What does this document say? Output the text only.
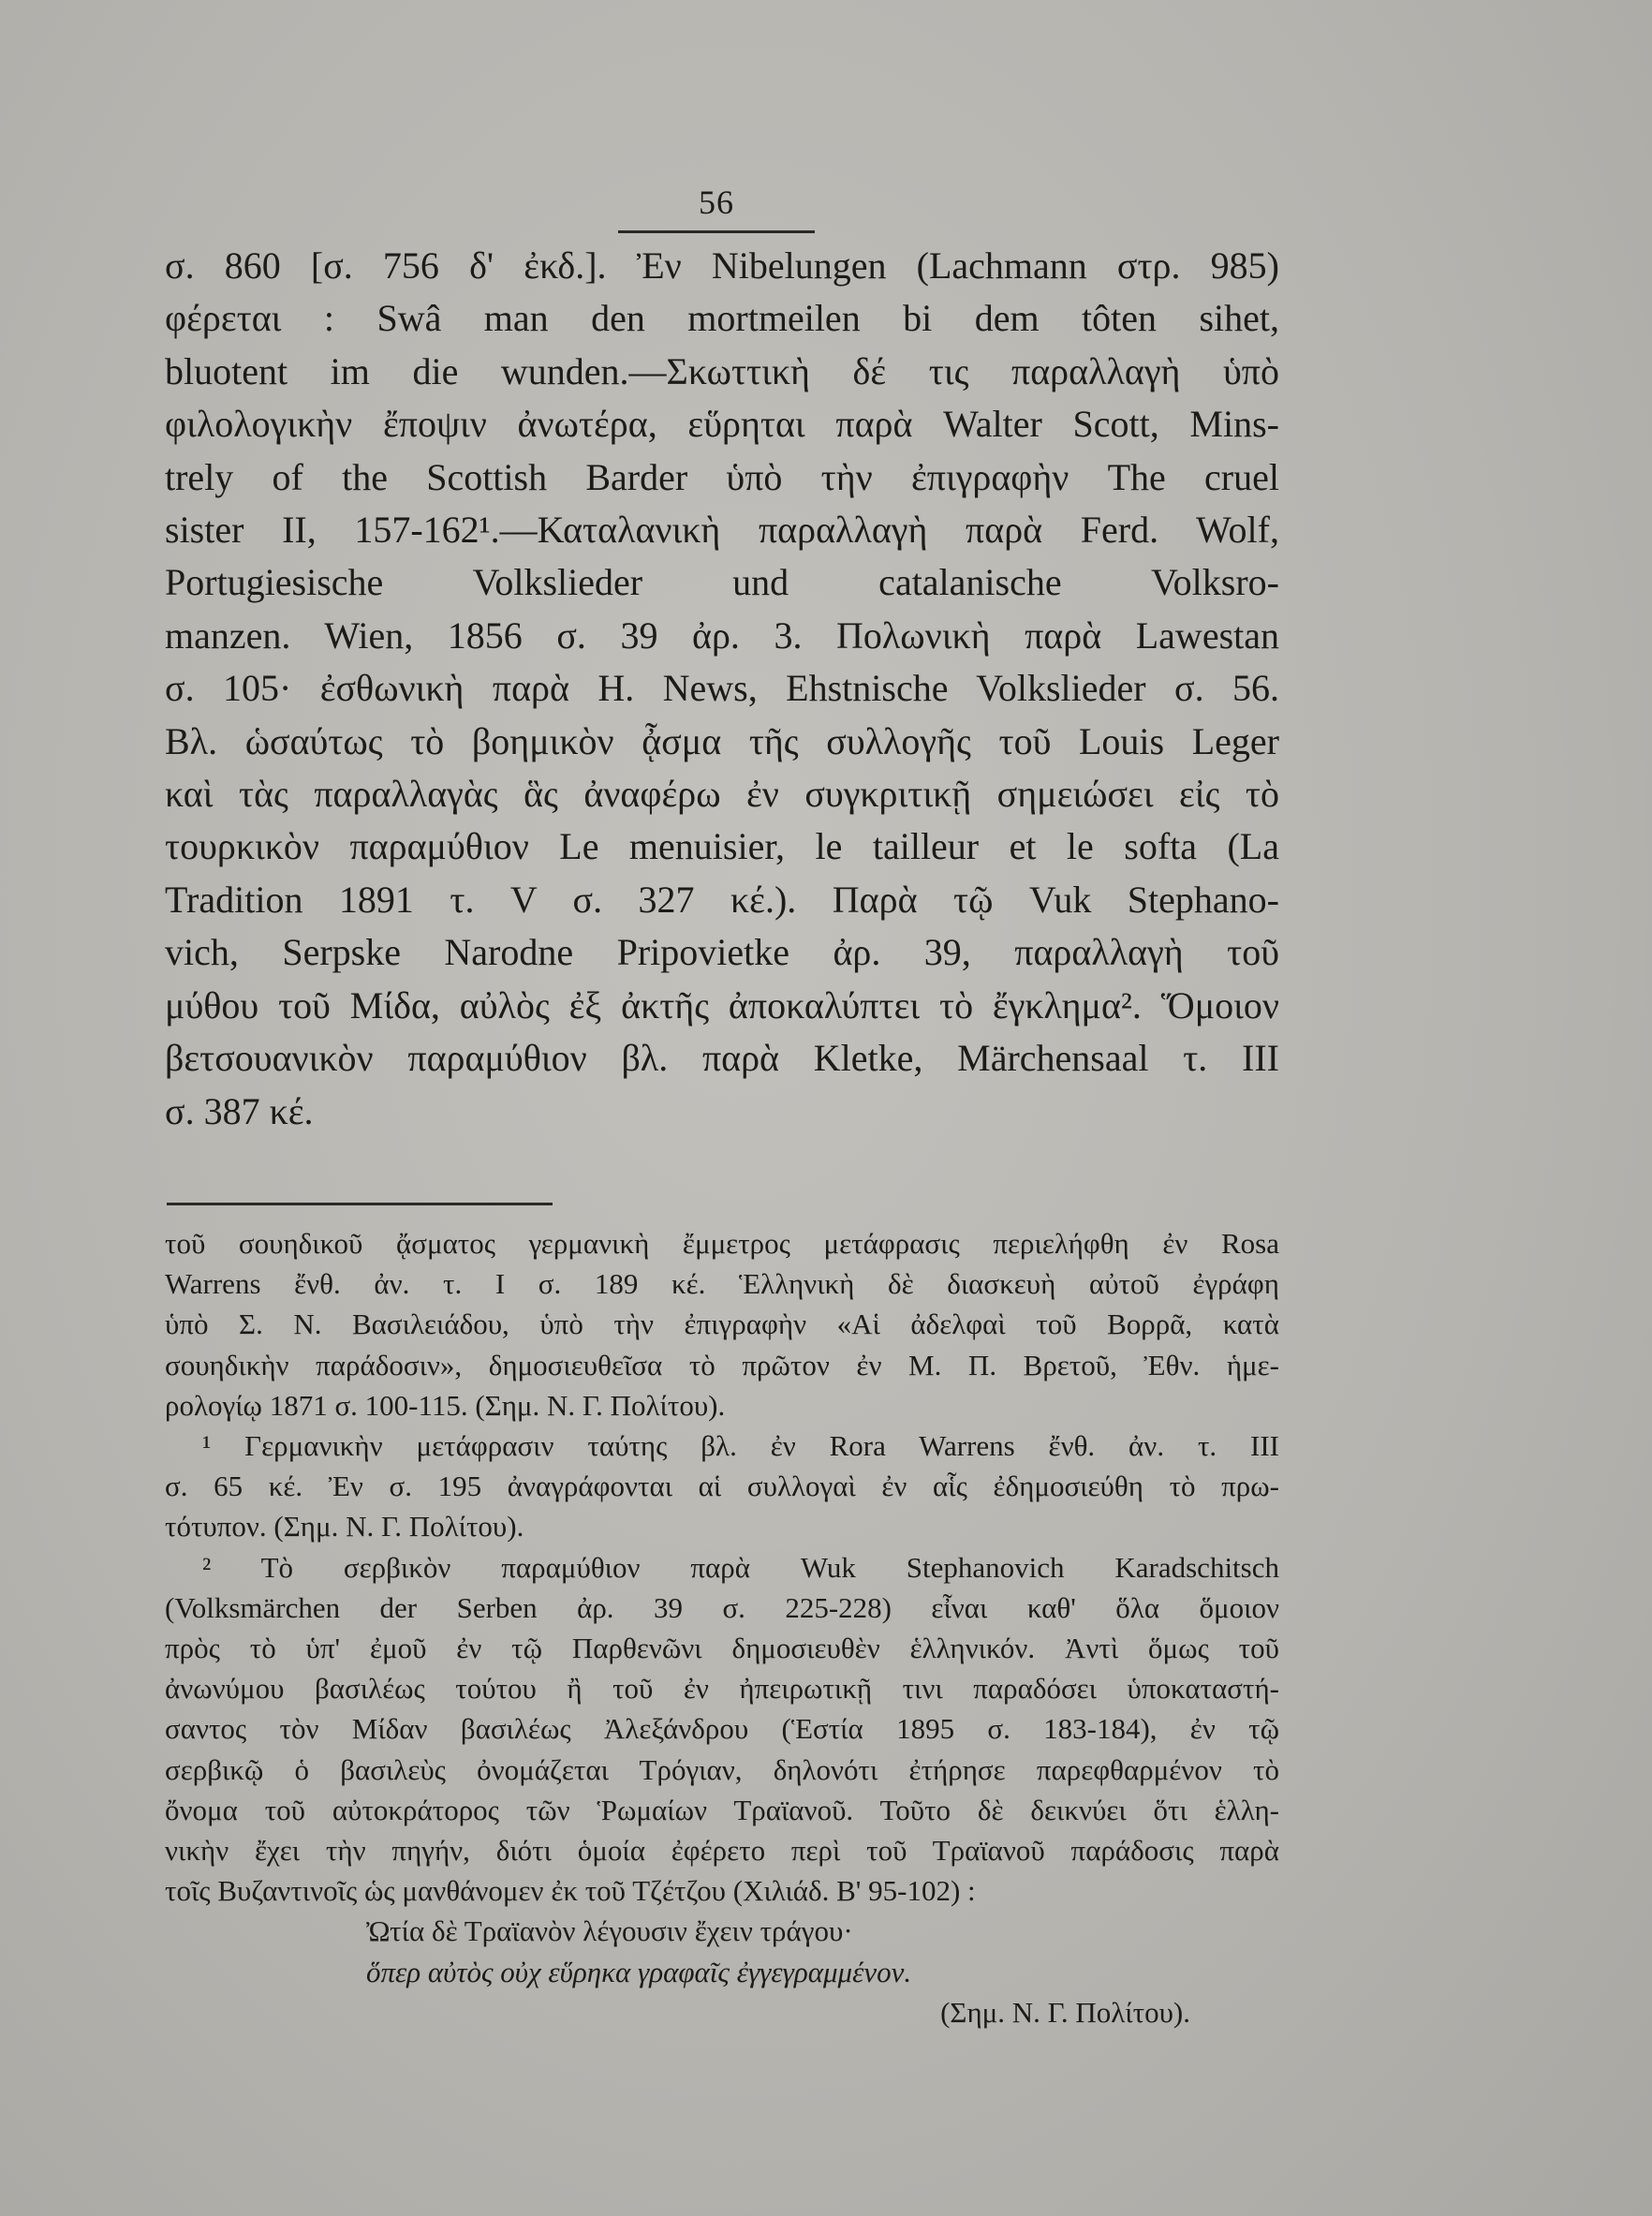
56
σ. 860 [σ. 756 δ' ἐκδ.]. Ἐν Nibelungen (Lachmann στρ. 985)
φέρεται : Swâ man den mortmeilen bi dem tôten sihet,
bluotent im die wunden.—Σκωττικὴ δέ τις παραλλαγὴ ὑπὸ
φιλολογικὴν ἔποψιν ἀνωτέρα, εὕρηται παρὰ Walter Scott, Mins-
trely of the Scottish Barder ὑπὸ τὴν ἐπιγραφὴν The cruel
sister II, 157-162¹.—Καταλανικὴ παραλλαγὴ παρὰ Ferd. Wolf,
Portugiesische Volkslieder und catalanische Volksro-
manzen. Wien, 1856 σ. 39 ἀρ. 3. Πολωνικὴ παρὰ Lawestan
σ. 105· ἐσθωνικὴ παρὰ H. News, Ehstnische Volkslieder σ. 56.
Βλ. ὡσαύτως τὸ βοημικὸν ᾆσμα τῆς συλλογῆς τοῦ Louis Leger
καὶ τὰς παραλλαγὰς ἃς ἀναφέρω ἐν συγκριτικῇ σημειώσει εἰς τὸ
τουρκικὸν παραμύθιον Le menuisier, le tailleur et le softa (La
Tradition 1891 τ. V σ. 327 κέ.). Παρὰ τῷ Vuk Stephano-
vich, Serpske Narodne Pripovietke ἀρ. 39, παραλλαγὴ τοῦ
μύθου τοῦ Μίδα, αὐλὸς ἐξ ἀκτῆς ἀποκαλύπτει τὸ ἔγκλημα². Ὅμοιον
βετσουανικὸν παραμύθιον βλ. παρὰ Kletke, Märchensaal τ. III
σ. 387 κέ.
τοῦ σουηδικοῦ ᾄσματος γερμανικὴ ἔμμετρος μετάφρασις περιελήφθη ἐν Rosa
Warrens ἔνθ. ἀν. τ. I σ. 189 κέ. Ἑλληνικὴ δὲ διασκευὴ αὐτοῦ ἐγράφη
ὑπὸ Σ. Ν. Βασιλειάδου, ὑπὸ τὴν ἐπιγραφὴν «Αἱ ἀδελφαὶ τοῦ Βορρᾶ, κατὰ
σουηδικὴν παράδοσιν», δημοσιευθεῖσα τὸ πρῶτον ἐν Μ. Π. Βρετοῦ, Ἐθν. ἡμε-
ρολογίῳ 1871 σ. 100-115. (Σημ. Ν. Γ. Πολίτου).
¹ Γερμανικὴν μετάφρασιν ταύτης βλ. ἐν Rora Warrens ἔνθ. ἀν. τ. III
σ. 65 κέ. Ἐν σ. 195 ἀναγράφονται αἱ συλλογαὶ ἐν αἷς ἐδημοσιεύθη τὸ πρω-
τότυπον. (Σημ. Ν. Γ. Πολίτου).
² Τὸ σερβικὸν παραμύθιον παρὰ Wuk Stephanovich Karadschitsch
(Volksmärchen der Serben ἀρ. 39 σ. 225-228) εἶναι καθ' ὅλα ὅμοιον
πρὸς τὸ ὑπ' ἐμοῦ ἐν τῷ Παρθενῶνι δημοσιευθὲν ἑλληνικόν. Ἀντὶ ὅμως τοῦ
ἀνωνύμου βασιλέως τούτου ἢ τοῦ ἐν ἠπειρωτικῇ τινι παραδόσει ὑποκαταστή-
σαντος τὸν Μίδαν βασιλέως Ἀλεξάνδρου (Ἑστία 1895 σ. 183-184), ἐν τῷ
σερβικῷ ὁ βασιλεὺς ὀνομάζεται Τρόγιαν, δηλονότι ἐτήρησε παρεφθαρμένον τὸ
ὄνομα τοῦ αὐτοκράτορος τῶν Ῥωμαίων Τραϊανοῦ. Τοῦτο δὲ δεικνύει ὅτι ἑλλη-
νικὴν ἔχει τὴν πηγήν, διότι ὁμοία ἐφέρετο περὶ τοῦ Τραϊανοῦ παράδοσις παρὰ
τοῖς Βυζαντινοῖς ὡς μανθάνομεν ἐκ τοῦ Τζέτζου (Χιλιάδ. Β' 95-102) :
Ὠτία δὲ Τραϊανὸν λέγουσιν ἔχειν τράγου·
ὅπερ αὐτὸς οὐχ εὕρηκα γραφαῖς ἐγγεγραμμένον.
(Σημ. Ν. Γ. Πολίτου).
